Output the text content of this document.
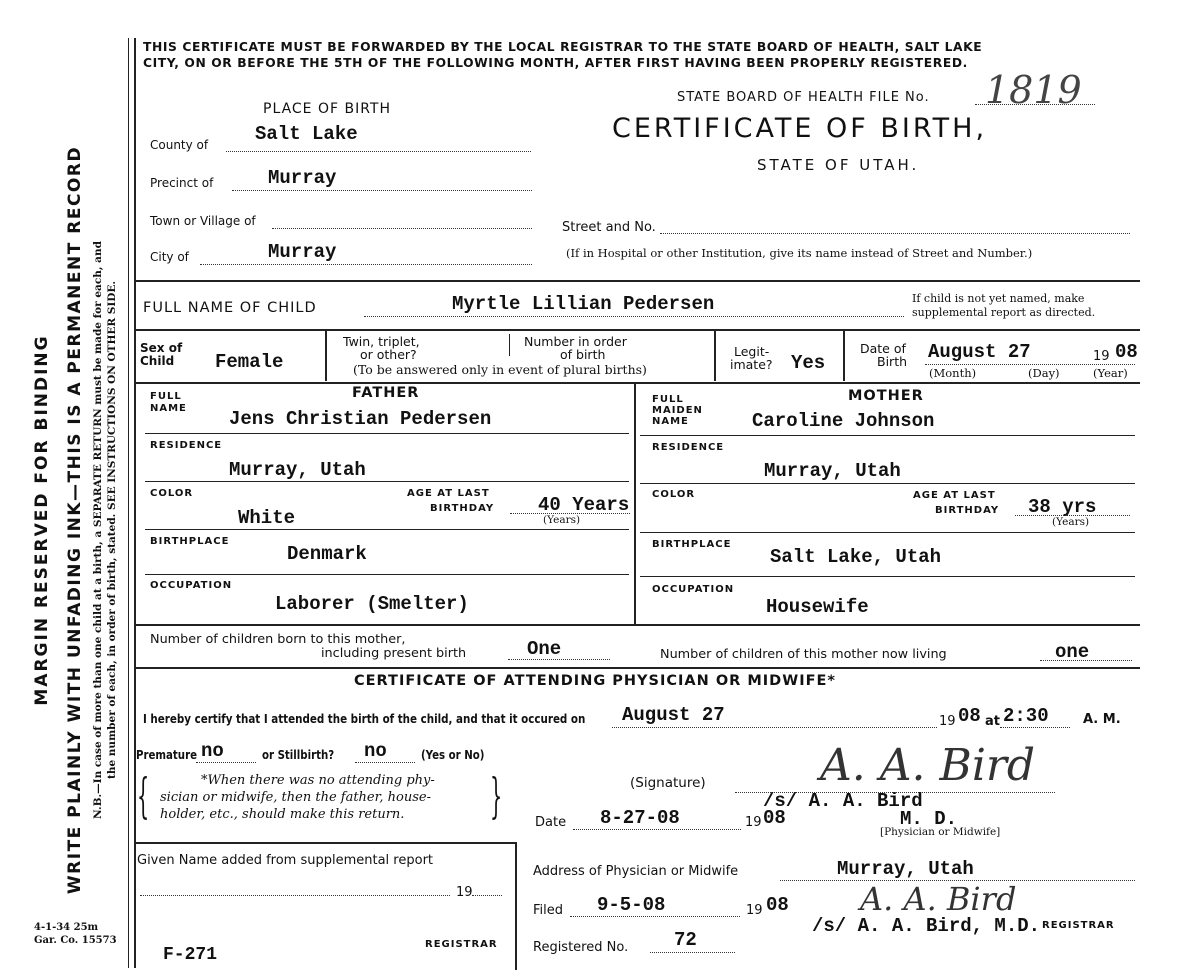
MARGIN RESERVED FOR BINDING WRITE PLAINLY WITH UNFADING INK—THIS IS A PERMANENT RECORD N.B.—In case of more than one child at a birth, a SEPARATE RETURN must be made for each, and the number of each, in order of birth, stated. SEE INSTRUCTIONS ON OTHER SIDE.
4-1-34 25m
Gar. Co. 15573
THIS CERTIFICATE MUST BE FORWARDED BY THE LOCAL REGISTRAR TO THE STATE BOARD OF HEALTH, SALT LAKE
CITY, ON OR BEFORE THE 5TH OF THE FOLLOWING MONTH, AFTER FIRST HAVING BEEN PROPERLY REGISTERED.
PLACE OF BIRTH
STATE BOARD OF HEALTH FILE No. 1819
CERTIFICATE OF BIRTH,
STATE OF UTAH.
County of Salt Lake
Precinct of	Murray
Town or Village of	Street and No.
City of	Murray	(If in Hospital or other Institution, give its name instead of Street and Number.)
FULL NAME OF CHILD	Myrtle Lillian Pedersen	If child is not yet named, make
supplemental report as directed.
Sex of
Child Female
Twin, triplet,
or other?
Number in order
of birth
(To be answered only in event of plural births)
Legit-
imate? Yes
Date of
Birth August 27	19 08
(Month)	(Day)	(Year)
FATHER
FULL
NAME Jens Christian Pedersen
RESIDENCE
Murray, Utah
COLOR
White
AGE AT LAST
BIRTHDAY 40 Years
(Years)
BIRTHPLACE
Denmark
OCCUPATION
Laborer (Smelter)
MOTHER
FULL
MAIDEN
NAME	Caroline Johnson
RESIDENCE
Murray, Utah
COLOR	AGE AT LAST
BIRTHDAY 38 yrs
(Years)
BIRTHPLACE
Salt Lake, Utah
OCCUPATION
Housewife
Number of children born to this mother,
including present birth	One	Number of children of this mother now living	one
CERTIFICATE OF ATTENDING PHYSICIAN OR MIDWIFE*
I hereby certify that I attended the birth of the child, and that it occured on August 27	19 08 at 2:30	A. M.
Premature no	or Stillbirth? no	(Yes or No)
{	*When there was no attending phy-
sician or midwife, then the father, house-
holder, etc., should make this return. }	(Signature)	A. A. Bird
/s/ A. A. Bird
M. D.
[Physician or Midwife]
Date 8-27-08	19 08
Given Name added from supplemental report
19
REGISTRAR
F-271
Address of Physician or Midwife	Murray, Utah
Filed 9-5-08	19 08
Registered No. 72
A. A. Bird
/s/ A. A. Bird, M.D. REGISTRAR
